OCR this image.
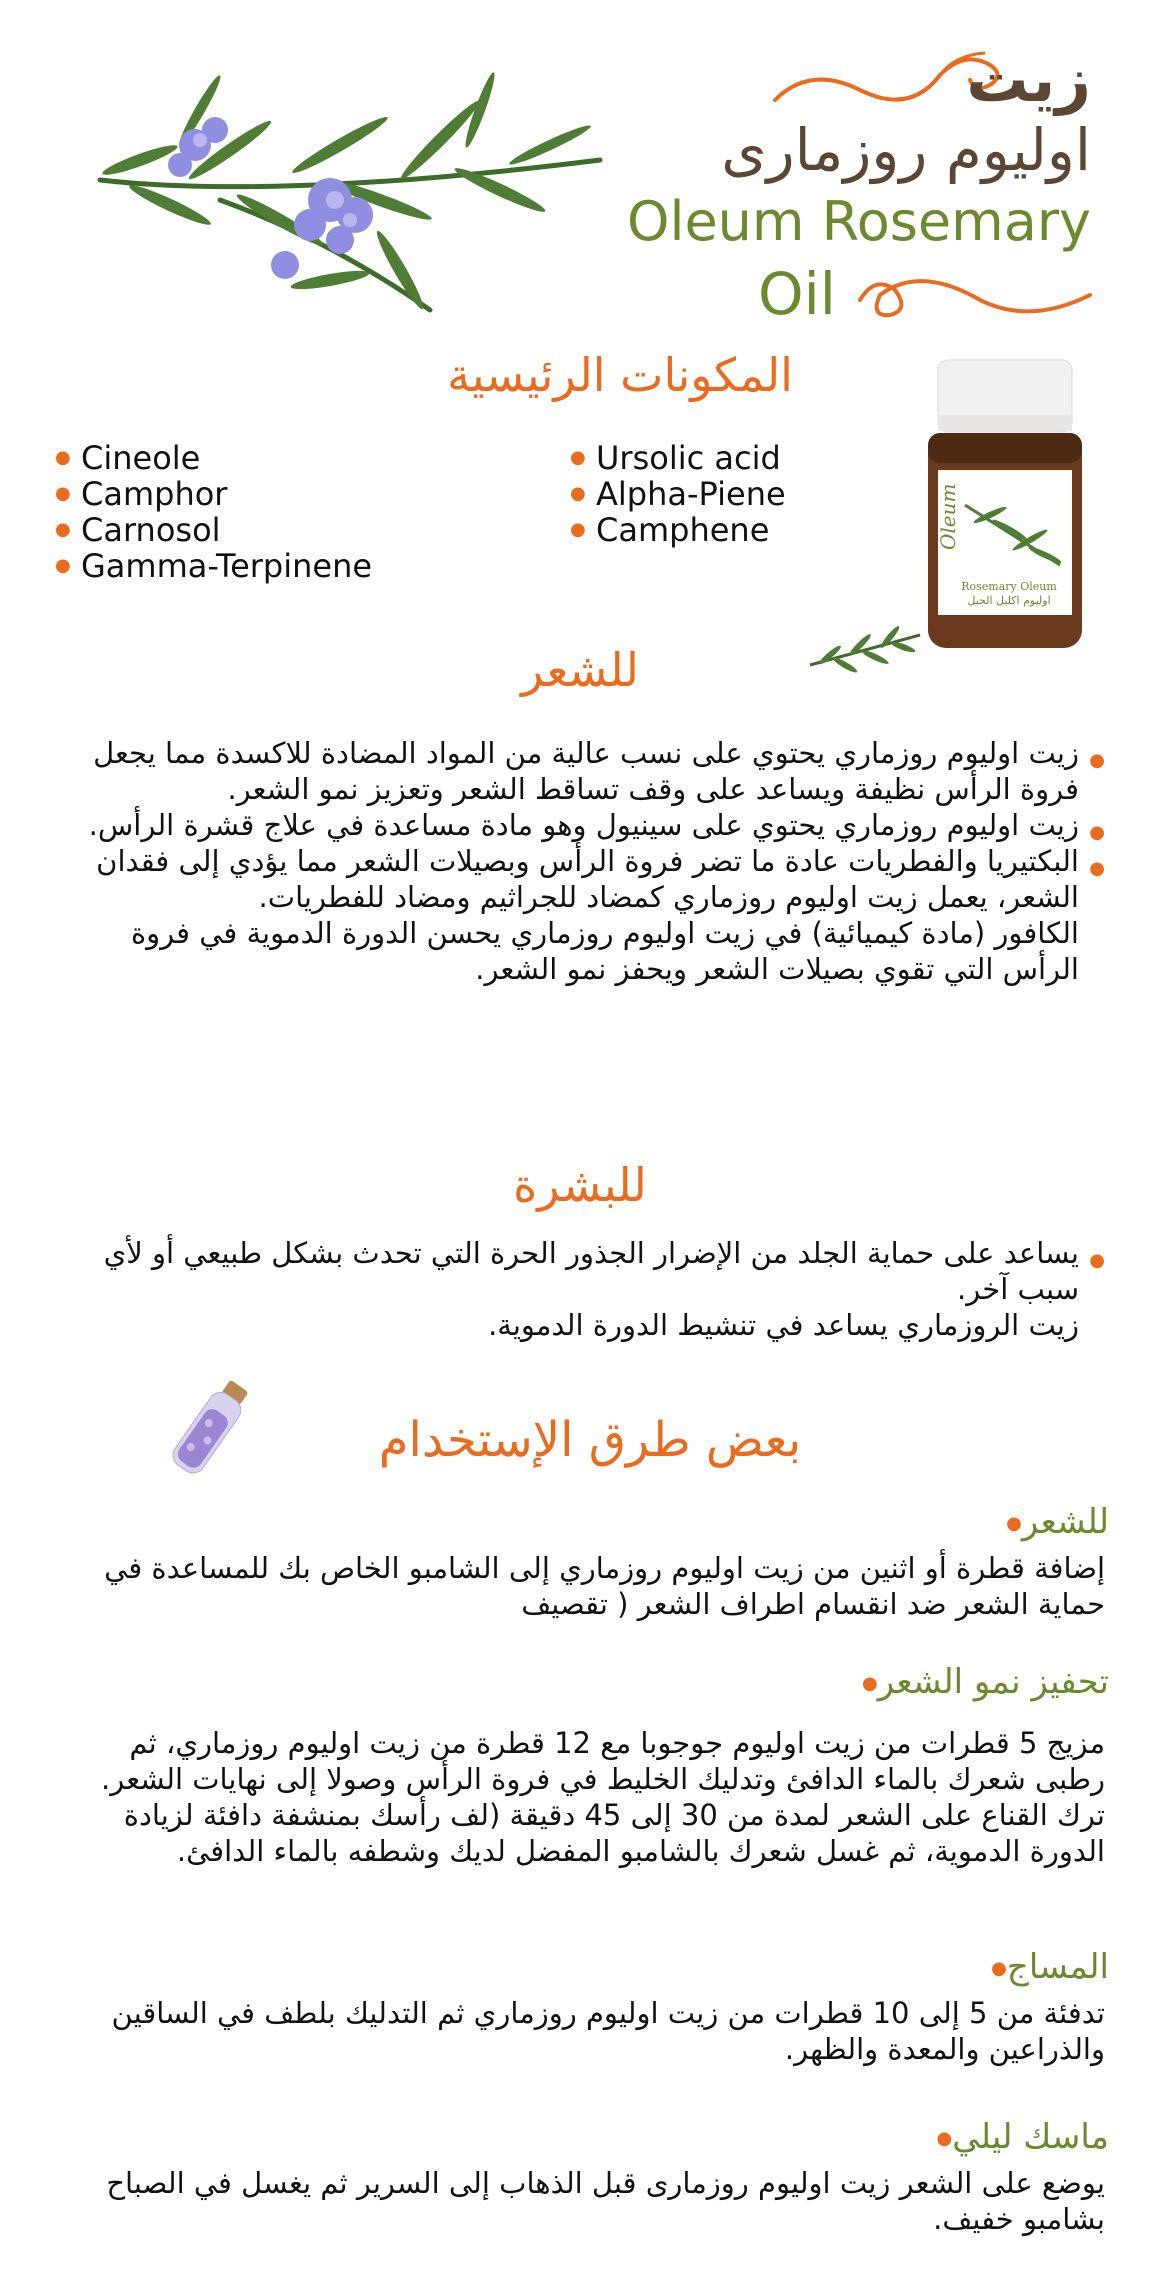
زيت
اوليوم روزمارى
Oleum Rosemary
Oil
المكونات الرئيسية
● Cineole
● Camphor
● Carnosol
● Gamma-Terpinene
● Ursolic acid
● Alpha-Piene
● Camphene	Oleum
Rosemary Oleum
اوليوم اكليل الجبل
30 ml e
للشعر
●
زيت اوليوم روزماري يحتوي على نسب عالية من المواد المضادة للاكسدة مما يجعل فروة الرأس نظيفة ويساعد على وقف تساقط الشعر وتعزيز نمو الشعر.
●
زيت اوليوم روزماري يحتوي على سينيول وهو مادة مساعدة في علاج قشرة الرأس.
●
البكتيريا والفطريات عادة ما تضر فروة الرأس وبصيلات الشعر مما يؤدي إلى فقدان الشعر، يعمل زيت اوليوم روزماري كمضاد للجراثيم ومضاد للفطريات.
الكافور (مادة كيميائية) في زيت اوليوم روزماري يحسن الدورة الدموية في فروة الرأس التي تقوي بصيلات الشعر ويحفز نمو الشعر.
للبشرة
●
يساعد على حماية الجلد من الإضرار الجذور الحرة التي تحدث بشكل طبيعي أو لأي سبب آخر.
زيت الروزماري يساعد في تنشيط الدورة الدموية.
بعض طرق الإستخدام
للشعر●
إضافة قطرة أو اثنين من زيت اوليوم روزماري إلى الشامبو الخاص بك للمساعدة في حماية الشعر ضد انقسام اطراف الشعر ( تقصيف
تحفيز نمو الشعر●
مزيج 5 قطرات من زيت اوليوم جوجوبا مع 12 قطرة من زيت اوليوم روزماري، ثم رطبى شعرك بالماء الدافئ وتدليك الخليط في فروة الرأس وصولا إلى نهايات الشعر. ترك القناع على الشعر لمدة من 30 إلى 45 دقيقة (لف رأسك بمنشفة دافئة لزيادة الدورة الدموية، ثم غسل شعرك بالشامبو المفضل لديك وشطفه بالماء الدافئ.
المساج●
تدفئة من 5 إلى 10 قطرات من زيت اوليوم روزماري ثم التدليك بلطف في الساقين والذراعين والمعدة والظهر.
ماسك ليلي●
يوضع على الشعر زيت اوليوم روزمارى قبل الذهاب إلى السرير ثم يغسل في الصباح بشامبو خفيف.
